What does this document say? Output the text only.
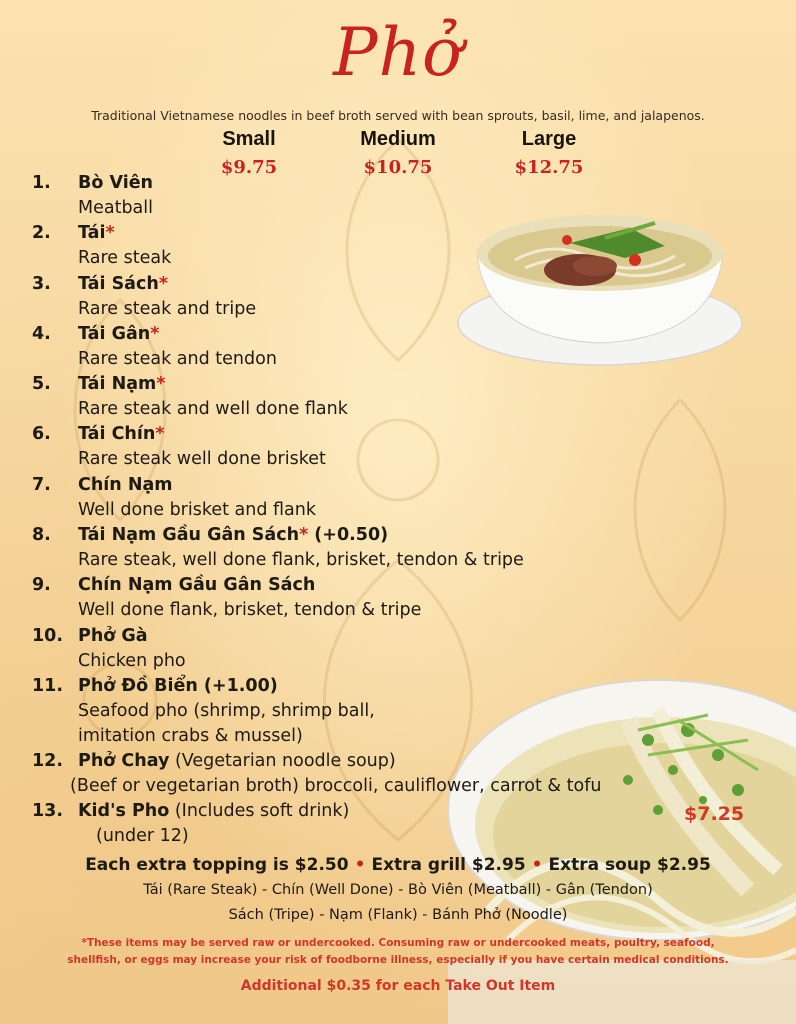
Phở
Traditional Vietnamese noodles in beef broth served with bean sprouts, basil, lime, and jalapenos.
Small
$9.75
Medium
$10.75
Large
$12.75
1.	Bò Viên
Meatball
2.	Tái*
Rare steak
3.	Tái Sách*
Rare steak and tripe
4.	Tái Gân*
Rare steak and tendon
5.	Tái Nạm*
Rare steak and well done flank
6.	Tái Chín*
Rare steak well done brisket
7.	Chín Nạm
Well done brisket and flank
8.	Tái Nạm Gầu Gân Sách* (+0.50)
Rare steak, well done flank, brisket, tendon & tripe
9.	Chín Nạm Gầu Gân Sách
Well done flank, brisket, tendon & tripe
10. Phở Gà
Chicken pho
11. Phở Đồ Biển (+1.00)
Seafood pho (shrimp, shrimp ball,
imitation crabs & mussel)
12. Phở Chay (Vegetarian noodle soup)
(Beef or vegetarian broth) broccoli, cauliflower, carrot & tofu
13. Kid's Pho (Includes soft drink)
(under 12)
$7.25
Each extra topping is $2.50 • Extra grill $2.95 • Extra soup $2.95
Tái (Rare Steak) - Chín (Well Done) - Bò Viên (Meatball) - Gân (Tendon)
Sách (Tripe) - Nạm (Flank) - Bánh Phở (Noodle)
*These items may be served raw or undercooked. Consuming raw or undercooked meats, poultry, seafood,
shellfish, or eggs may increase your risk of foodborne illness, especially if you have certain medical conditions.
Additional $0.35 for each Take Out Item
